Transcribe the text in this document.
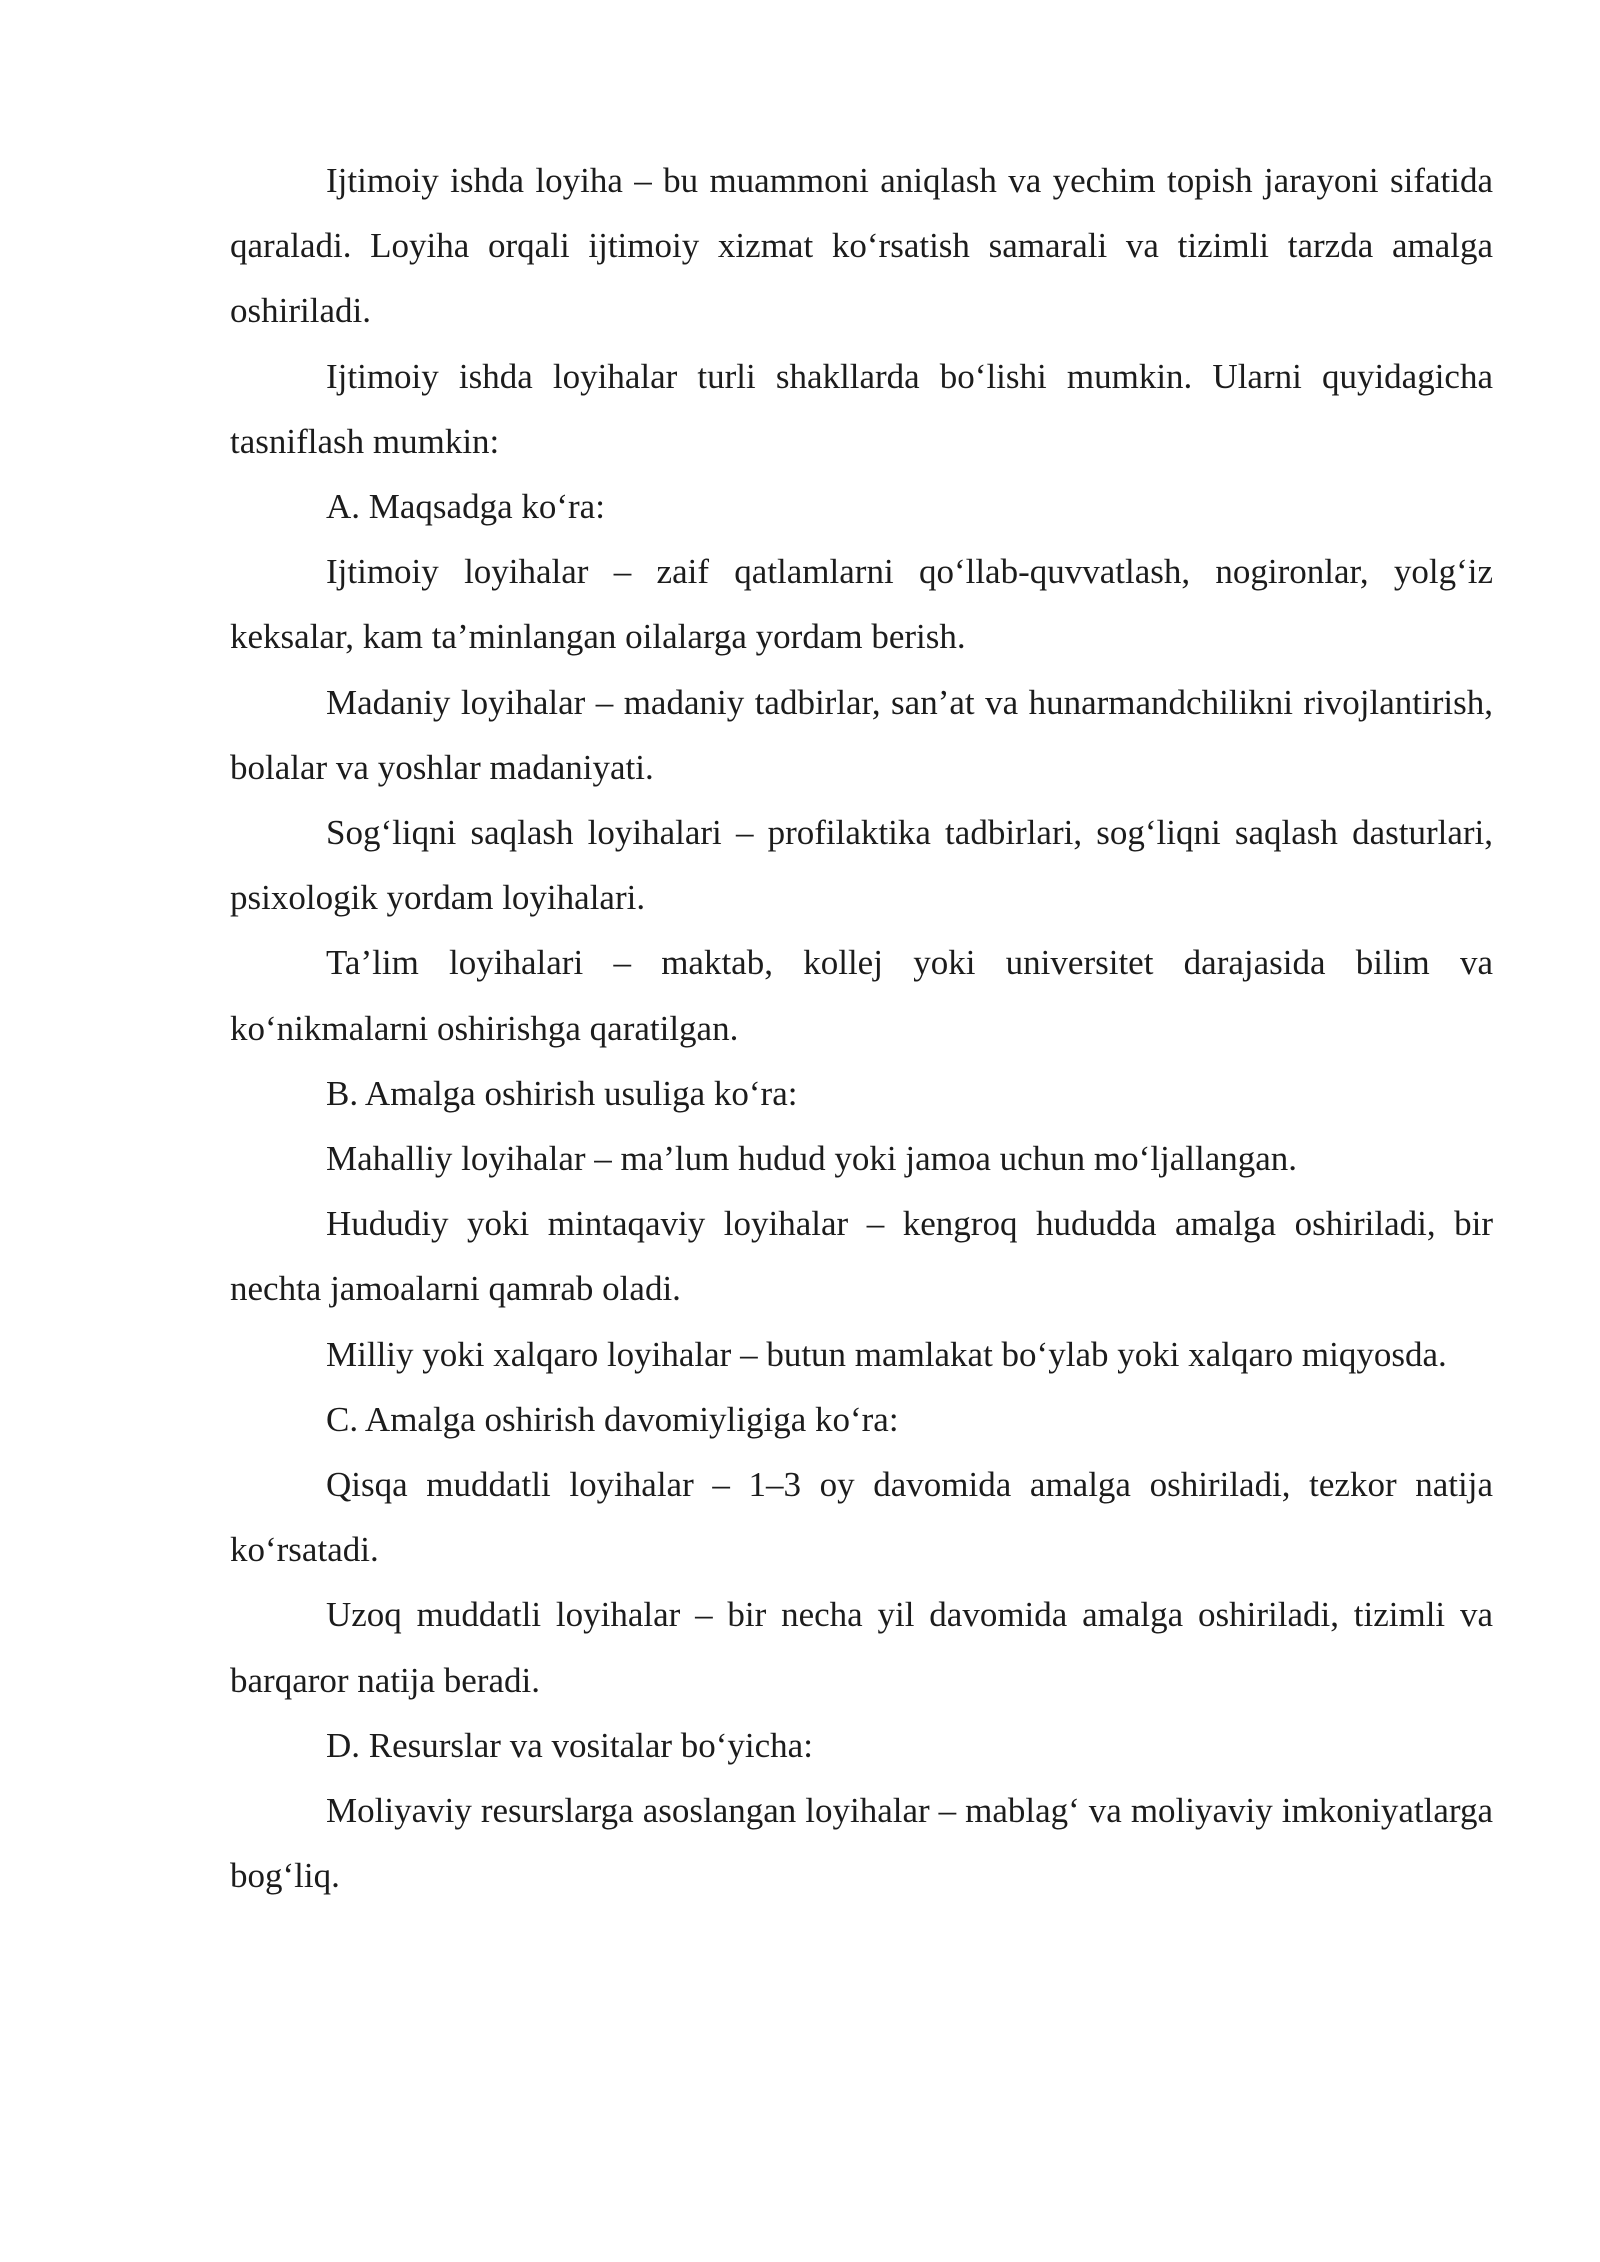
Ijtimoiy ishda loyiha – bu muammoni aniqlash va yechim topish jarayoni sifatida qaraladi. Loyiha orqali ijtimoiy xizmat ko‘rsatish samarali va tizimli tarzda amalga oshiriladi.

Ijtimoiy ishda loyihalar turli shakllarda bo‘lishi mumkin. Ularni quyidagicha tasniflash mumkin:

A. Maqsadga ko‘ra:

Ijtimoiy loyihalar – zaif qatlamlarni qo‘llab-quvvatlash, nogironlar, yolg‘iz keksalar, kam ta’minlangan oilalarga yordam berish.

Madaniy loyihalar – madaniy tadbirlar, san’at va hunarmandchilikni rivojlantirish, bolalar va yoshlar madaniyati.

Sog‘liqni saqlash loyihalari – profilaktika tadbirlari, sog‘liqni saqlash dasturlari, psixologik yordam loyihalari.

Ta’lim loyihalari – maktab, kollej yoki universitet darajasida bilim va ko‘nikmalarni oshirishga qaratilgan.

B. Amalga oshirish usuliga ko‘ra:

Mahalliy loyihalar – ma’lum hudud yoki jamoa uchun mo‘ljallangan.

Hududiy yoki mintaqaviy loyihalar – kengroq hududda amalga oshiriladi, bir nechta jamoalarni qamrab oladi.

Milliy yoki xalqaro loyihalar – butun mamlakat bo‘ylab yoki xalqaro miqyosda.

C. Amalga oshirish davomiyligiga ko‘ra:

Qisqa muddatli loyihalar – 1–3 oy davomida amalga oshiriladi, tezkor natija ko‘rsatadi.

Uzoq muddatli loyihalar – bir necha yil davomida amalga oshiriladi, tizimli va barqaror natija beradi.

D. Resurslar va vositalar bo‘yicha:

Moliyaviy resurslarga asoslangan loyihalar – mablag‘ va moliyaviy imkoniyatlarga bog‘liq.
